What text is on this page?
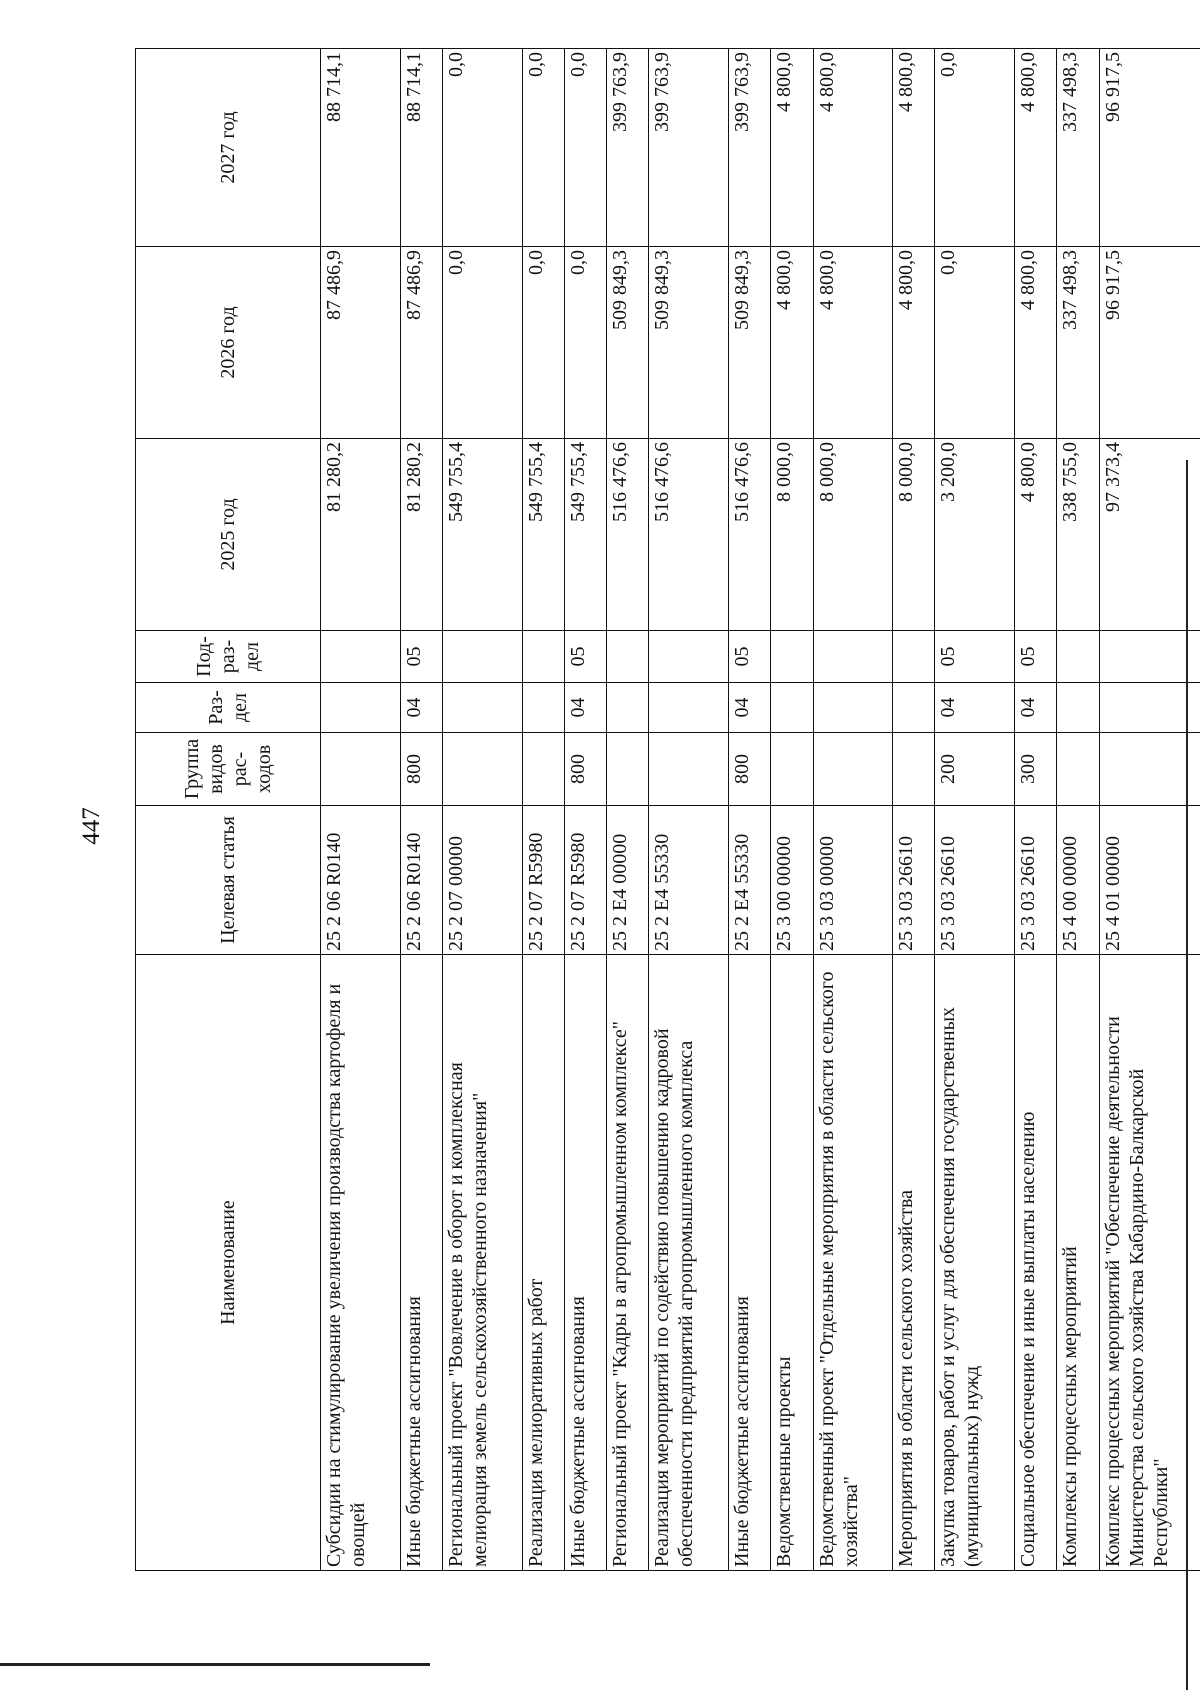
447
Наименование	Целевая статья	Группа видов рас-ходов	Раз-дел	Под-раз-дел	2025 год	2026 год	2027 год
Субсидии на стимулирование увеличения производства картофеля и овощей	25 2 06 R0140				81 280,2	87 486,9	88 714,1
Иные бюджетные ассигнования	25 2 06 R0140	800	04	05	81 280,2	87 486,9	88 714,1
Региональный проект "Вовлечение в оборот и комплексная мелиорация земель сельскохозяйственного назначения"	25 2 07 00000				549 755,4	0,0	0,0
Реализация мелиоративных работ	25 2 07 R5980				549 755,4	0,0	0,0
Иные бюджетные ассигнования	25 2 07 R5980	800	04	05	549 755,4	0,0	0,0
Региональный проект "Кадры в агропромышленном комплексе"	25 2 E4 00000				516 476,6	509 849,3	399 763,9
Реализация мероприятий по содействию повышению кадровой обеспеченности предприятий агропромышленного комплекса	25 2 E4 55330				516 476,6	509 849,3	399 763,9
Иные бюджетные ассигнования	25 2 E4 55330	800	04	05	516 476,6	509 849,3	399 763,9
Ведомственные проекты	25 3 00 00000				8 000,0	4 800,0	4 800,0
Ведомственный проект "Отдельные мероприятия в области сельского хозяйства"	25 3 03 00000				8 000,0	4 800,0	4 800,0
Мероприятия в области сельского хозяйства	25 3 03 26610				8 000,0	4 800,0	4 800,0
Закупка товаров, работ и услуг для обеспечения государственных (муниципальных) нужд	25 3 03 26610	200	04	05	3 200,0	0,0	0,0
Социальное обеспечение и иные выплаты населению	25 3 03 26610	300	04	05	4 800,0	4 800,0	4 800,0
Комплексы процессных мероприятий	25 4 00 00000				338 755,0	337 498,3	337 498,3
Комплекс процессных мероприятий "Обеспечение деятельности Министерства сельского хозяйства Кабардино-Балкарской Республики"	25 4 01 00000				97 373,4	96 917,5	96 917,5
